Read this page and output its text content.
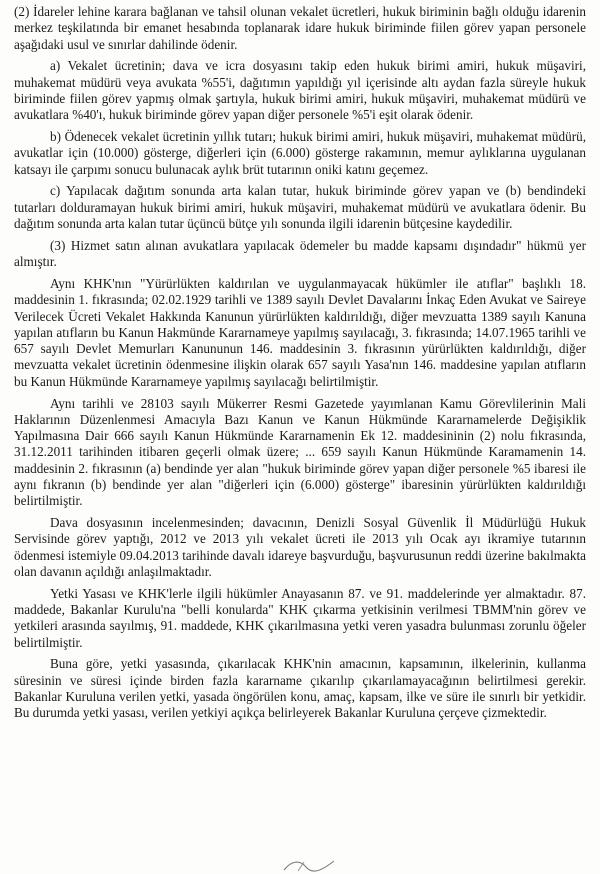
(2) İdareler lehine karara bağlanan ve tahsil olunan vekalet ücretleri, hukuk biriminin bağlı olduğu idarenin merkez teşkilatında bir emanet hesabında toplanarak idare hukuk biriminde fiilen görev yapan personele aşağıdaki usul ve sınırlar dahilinde ödenir.

a) Vekalet ücretinin; dava ve icra dosyasını takip eden hukuk birimi amiri, hukuk müşaviri, muhakemat müdürü veya avukata %55'i, dağıtımın yapıldığı yıl içerisinde altı aydan fazla süreyle hukuk biriminde fiilen görev yapmış olmak şartıyla, hukuk birimi amiri, hukuk müşaviri, muhakemat müdürü ve avukatlara %40'ı, hukuk biriminde görev yapan diğer personele %5'i eşit olarak ödenir.

b) Ödenecek vekalet ücretinin yıllık tutarı; hukuk birimi amiri, hukuk müşaviri, muhakemat müdürü, avukatlar için (10.000) gösterge, diğerleri için (6.000) gösterge rakamının, memur aylıklarına uygulanan katsayı ile çarpımı sonucu bulunacak aylık brüt tutarının oniki katını geçemez.

c) Yapılacak dağıtım sonunda arta kalan tutar, hukuk biriminde görev yapan ve (b) bendindeki tutarları dolduramayan hukuk birimi amiri, hukuk müşaviri, muhakemat müdürü ve avukatlara ödenir. Bu dağıtım sonunda arta kalan tutar üçüncü bütçe yılı sonunda ilgili idarenin bütçesine kaydedilir.

(3) Hizmet satın alınan avukatlara yapılacak ödemeler bu madde kapsamı dışındadır" hükmü yer almıştır.

Aynı KHK'nın "Yürürlükten kaldırılan ve uygulanmayacak hükümler ile atıflar" başlıklı 18. maddesinin 1. fıkrasında; 02.02.1929 tarihli ve 1389 sayılı Devlet Davalarını İnkaç Eden Avukat ve Saireye Verilecek Ücreti Vekalet Hakkında Kanunun yürürlükten kaldırıldığı, diğer mevzuatta 1389 sayılı Kanuna yapılan atıfların bu Kanun Hakmünde Kararnameye yapılmış sayılacağı, 3. fıkrasında; 14.07.1965 tarihli ve 657 sayılı Devlet Memurları Kanununun 146. maddesinin 3. fıkrasının yürürlükten kaldırıldığı, diğer mevzuatta vekalet ücretinin ödenmesine ilişkin olarak 657 sayılı Yasa'nın 146. maddesine yapılan atıfların bu Kanun Hükmünde Kararnameye yapılmış sayılacağı belirtilmiştir.

Aynı tarihli ve 28103 sayılı Mükerrer Resmi Gazetede yayımlanan Kamu Görevlilerinin Mali Haklarının Düzenlenmesi Amacıyla Bazı Kanun ve Kanun Hükmünde Kararnamelerde Değişiklik Yapılmasına Dair 666 sayılı Kanun Hükmünde Kararnamenin Ek 12. maddesininin (2) nolu fıkrasında, 31.12.2011 tarihinden itibaren geçerli olmak üzere; ... 659 sayılı Kanun Hükmünde Karamamenin 14. maddesinin 2. fıkrasının (a) bendinde yer alan "hukuk biriminde görev yapan diğer personele %5 ibaresi ile aynı fıkranın (b) bendinde yer alan "diğerleri için (6.000) gösterge" ibaresinin yürürlükten kaldırıldığı belirtilmiştir.

Dava dosyasının incelenmesinden; davacının, Denizli Sosyal Güvenlik İl Müdürlüğü Hukuk Servisinde görev yaptığı, 2012 ve 2013 yılı vekalet ücreti ile 2013 yılı Ocak ayı ikramiye tutarının ödenmesi istemiyle 09.04.2013 tarihinde davalı idareye başvurduğu, başvurusunun reddi üzerine bakılmakta olan davanın açıldığı anlaşılmaktadır.

Yetki Yasası ve KHK'lerle ilgili hükümler Anayasanın 87. ve 91. maddelerinde yer almaktadır. 87. maddede, Bakanlar Kurulu'na "belli konularda" KHK çıkarma yetkisinin verilmesi TBMM'nin görev ve yetkileri arasında sayılmış, 91. maddede, KHK çıkarılmasına yetki veren yasadra bulunması zorunlu öğeler belirtilmiştir.

Buna göre, yetki yasasında, çıkarılacak KHK'nin amacının, kapsamının, ilkelerinin, kullanma süresinin ve süresi içinde birden fazla kararname çıkarılıp çıkarılamayacağının belirtilmesi gerekir. Bakanlar Kuruluna verilen yetki, yasada öngörülen konu, amaç, kapsam, ilke ve süre ile sınırlı bir yetkidir. Bu durumda yetki yasası, verilen yetkiyi açıkça belirleyerek Bakanlar Kuruluna çerçeve çizmektedir.
